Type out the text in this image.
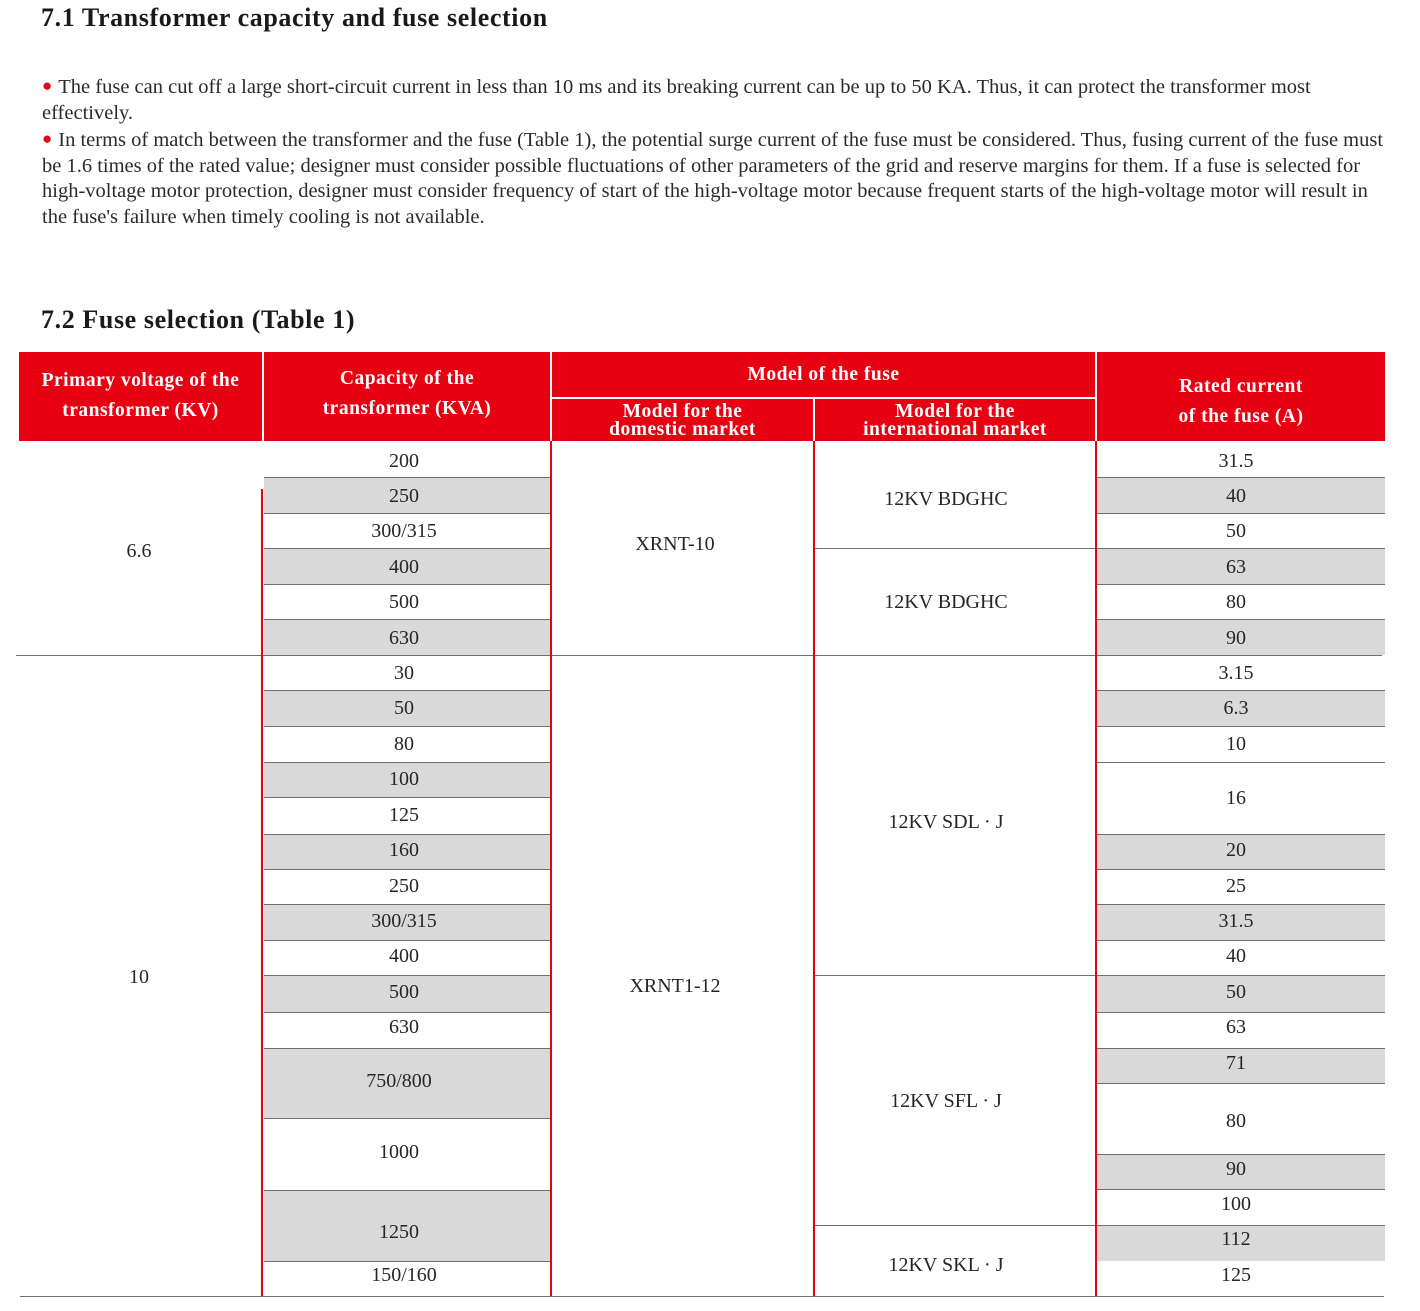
7.1 Transformer capacity and fuse selection

● The fuse can cut off a large short-circuit current in less than 10 ms and its breaking current can be up to 50 KA. Thus, it can protect the transformer most effectively.

● In terms of match between the transformer and the fuse (Table 1), the potential surge current of the fuse must be considered. Thus, fusing current of the fuse must be 1.6 times of the rated value; designer must consider possible fluctuations of other parameters of the grid and reserve margins for them. If a fuse is selected for high-voltage motor protection, designer must consider frequency of start of the high-voltage motor because frequent starts of the high-voltage motor will result in the fuse's failure when timely cooling is not available.

7.2 Fuse selection (Table 1)
Primary voltage of the
transformer (KV)
Capacity of the
transformer (KVA)
Model of the fuse
Model for the
domestic market
Model for the
international market
Rated current
of the fuse (A)
6.6
10
200
250
300/315
400
500
630
30
50
80
100
125
160
250
300/315
400
500
630
750/800
1000
1250
150/160
XRNT-10
XRNT1-12
12KV BDGHC
12KV BDGHC
12KV SDL · J
12KV SFL · J
12KV SKL · J
31.5
40
50
63
80
90
3.15
6.3
10
16
20
25
31.5
40
50
63
71
80
90
100
112
125
